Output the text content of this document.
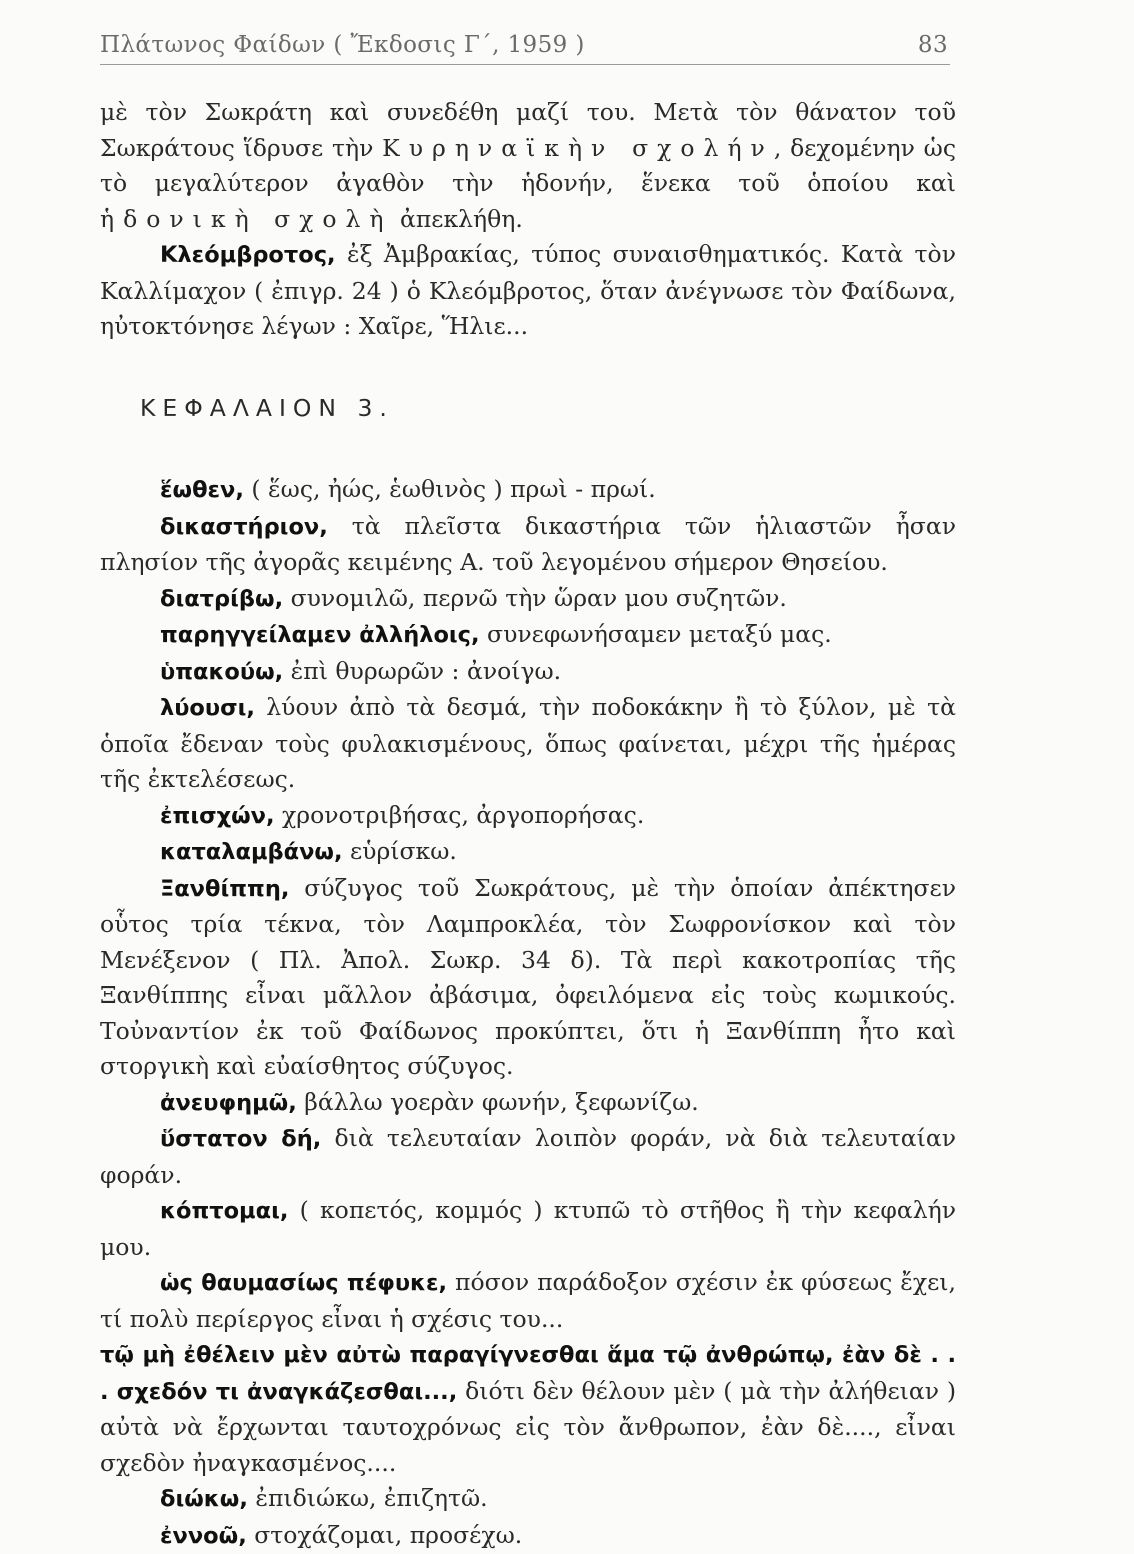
Πλάτωνος Φαίδων ( Ἔκδοσις Γ΄, 1959 )	83

μὲ τὸν Σωκράτη καὶ συνεδέθη μαζί του. Μετὰ τὸν θάνατον τοῦ Σωκράτους ἵδρυσε τὴν Κυρηναϊκὴν σχολήν, δεχομένην ὡς τὸ μεγαλύτερον ἀγαθὸν τὴν ἡδονήν, ἕνεκα τοῦ ὁποίου καὶ ἡδονικὴ σχολὴ ἀπεκλήθη.

Κλεόμβροτος, ἐξ Ἀμβρακίας, τύπος συναισθηματικός. Κατὰ τὸν Καλλίμαχον ( ἐπιγρ. 24 ) ὁ Κλεόμβροτος, ὅταν ἀνέγνωσε τὸν Φαίδωνα, ηὐτοκτόνησε λέγων : Χαῖρε, Ἥλιε...

ΚΕΦΑΛΑΙΟΝ 3.

ἕωθεν, ( ἕως, ἠώς, ἑωθινὸς ) πρωὶ - πρωί.

δικαστήριον, τὰ πλεῖστα δικαστήρια τῶν ἡλιαστῶν ἦσαν πλησίον τῆς ἀγορᾶς κειμένης Α. τοῦ λεγομένου σήμερον Θησείου.

διατρίβω, συνομιλῶ, περνῶ τὴν ὥραν μου συζητῶν.

παρηγγείλαμεν ἀλλήλοις, συνεφωνήσαμεν μεταξύ μας.

ὑπακούω, ἐπὶ θυρωρῶν : ἀνοίγω.

λύουσι, λύουν ἀπὸ τὰ δεσμά, τὴν ποδοκάκην ἢ τὸ ξύλον, μὲ τὰ ὁποῖα ἔδεναν τοὺς φυλακισμένους, ὅπως φαίνεται, μέχρι τῆς ἡμέρας τῆς ἐκτελέσεως.

ἐπισχών, χρονοτριβήσας, ἀργοπορήσας.

καταλαμβάνω, εὑρίσκω.

Ξανθίππη, σύζυγος τοῦ Σωκράτους, μὲ τὴν ὁποίαν ἀπέκτησεν οὗτος τρία τέκνα, τὸν Λαμπροκλέα, τὸν Σωφρονίσκον καὶ τὸν Μενέξενον ( Πλ. Ἀπολ. Σωκρ. 34 δ). Τὰ περὶ κακοτροπίας τῆς Ξανθίππης εἶναι μᾶλλον ἀβάσιμα, ὀφειλόμενα εἰς τοὺς κωμικούς. Τοὐναντίον ἐκ τοῦ Φαίδωνος προκύπτει, ὅτι ἡ Ξανθίππη ἦτο καὶ στοργικὴ καὶ εὐαίσθητος σύζυγος.

ἀνευφημῶ, βάλλω γοερὰν φωνήν, ξεφωνίζω.

ὕστατον δή, διὰ τελευταίαν λοιπὸν φοράν, νὰ διὰ τελευταίαν φοράν.

κόπτομαι, ( κοπετός, κομμός ) κτυπῶ τὸ στῆθος ἢ τὴν κεφαλήν μου.

ὡς θαυμασίως πέφυκε, πόσον παράδοξον σχέσιν ἐκ φύσεως ἔχει, τί πολὺ περίεργος εἶναι ἡ σχέσις του...

τῷ μὴ ἐθέλειν μὲν αὐτὼ παραγίγνεσθαι ἅμα τῷ ἀνθρώπῳ, ἐὰν δὲ . . . σχεδόν τι ἀναγκάζεσθαι..., διότι δὲν θέλουν μὲν ( μὰ τὴν ἀλήθειαν ) αὐτὰ νὰ ἔρχωνται ταυτοχρόνως εἰς τὸν ἄνθρωπον, ἐὰν δὲ...., εἶναι σχεδὸν ἠναγκασμένος....

διώκω, ἐπιδιώκω, ἐπιζητῶ.

ἐννοῶ, στοχάζομαι, προσέχω.
